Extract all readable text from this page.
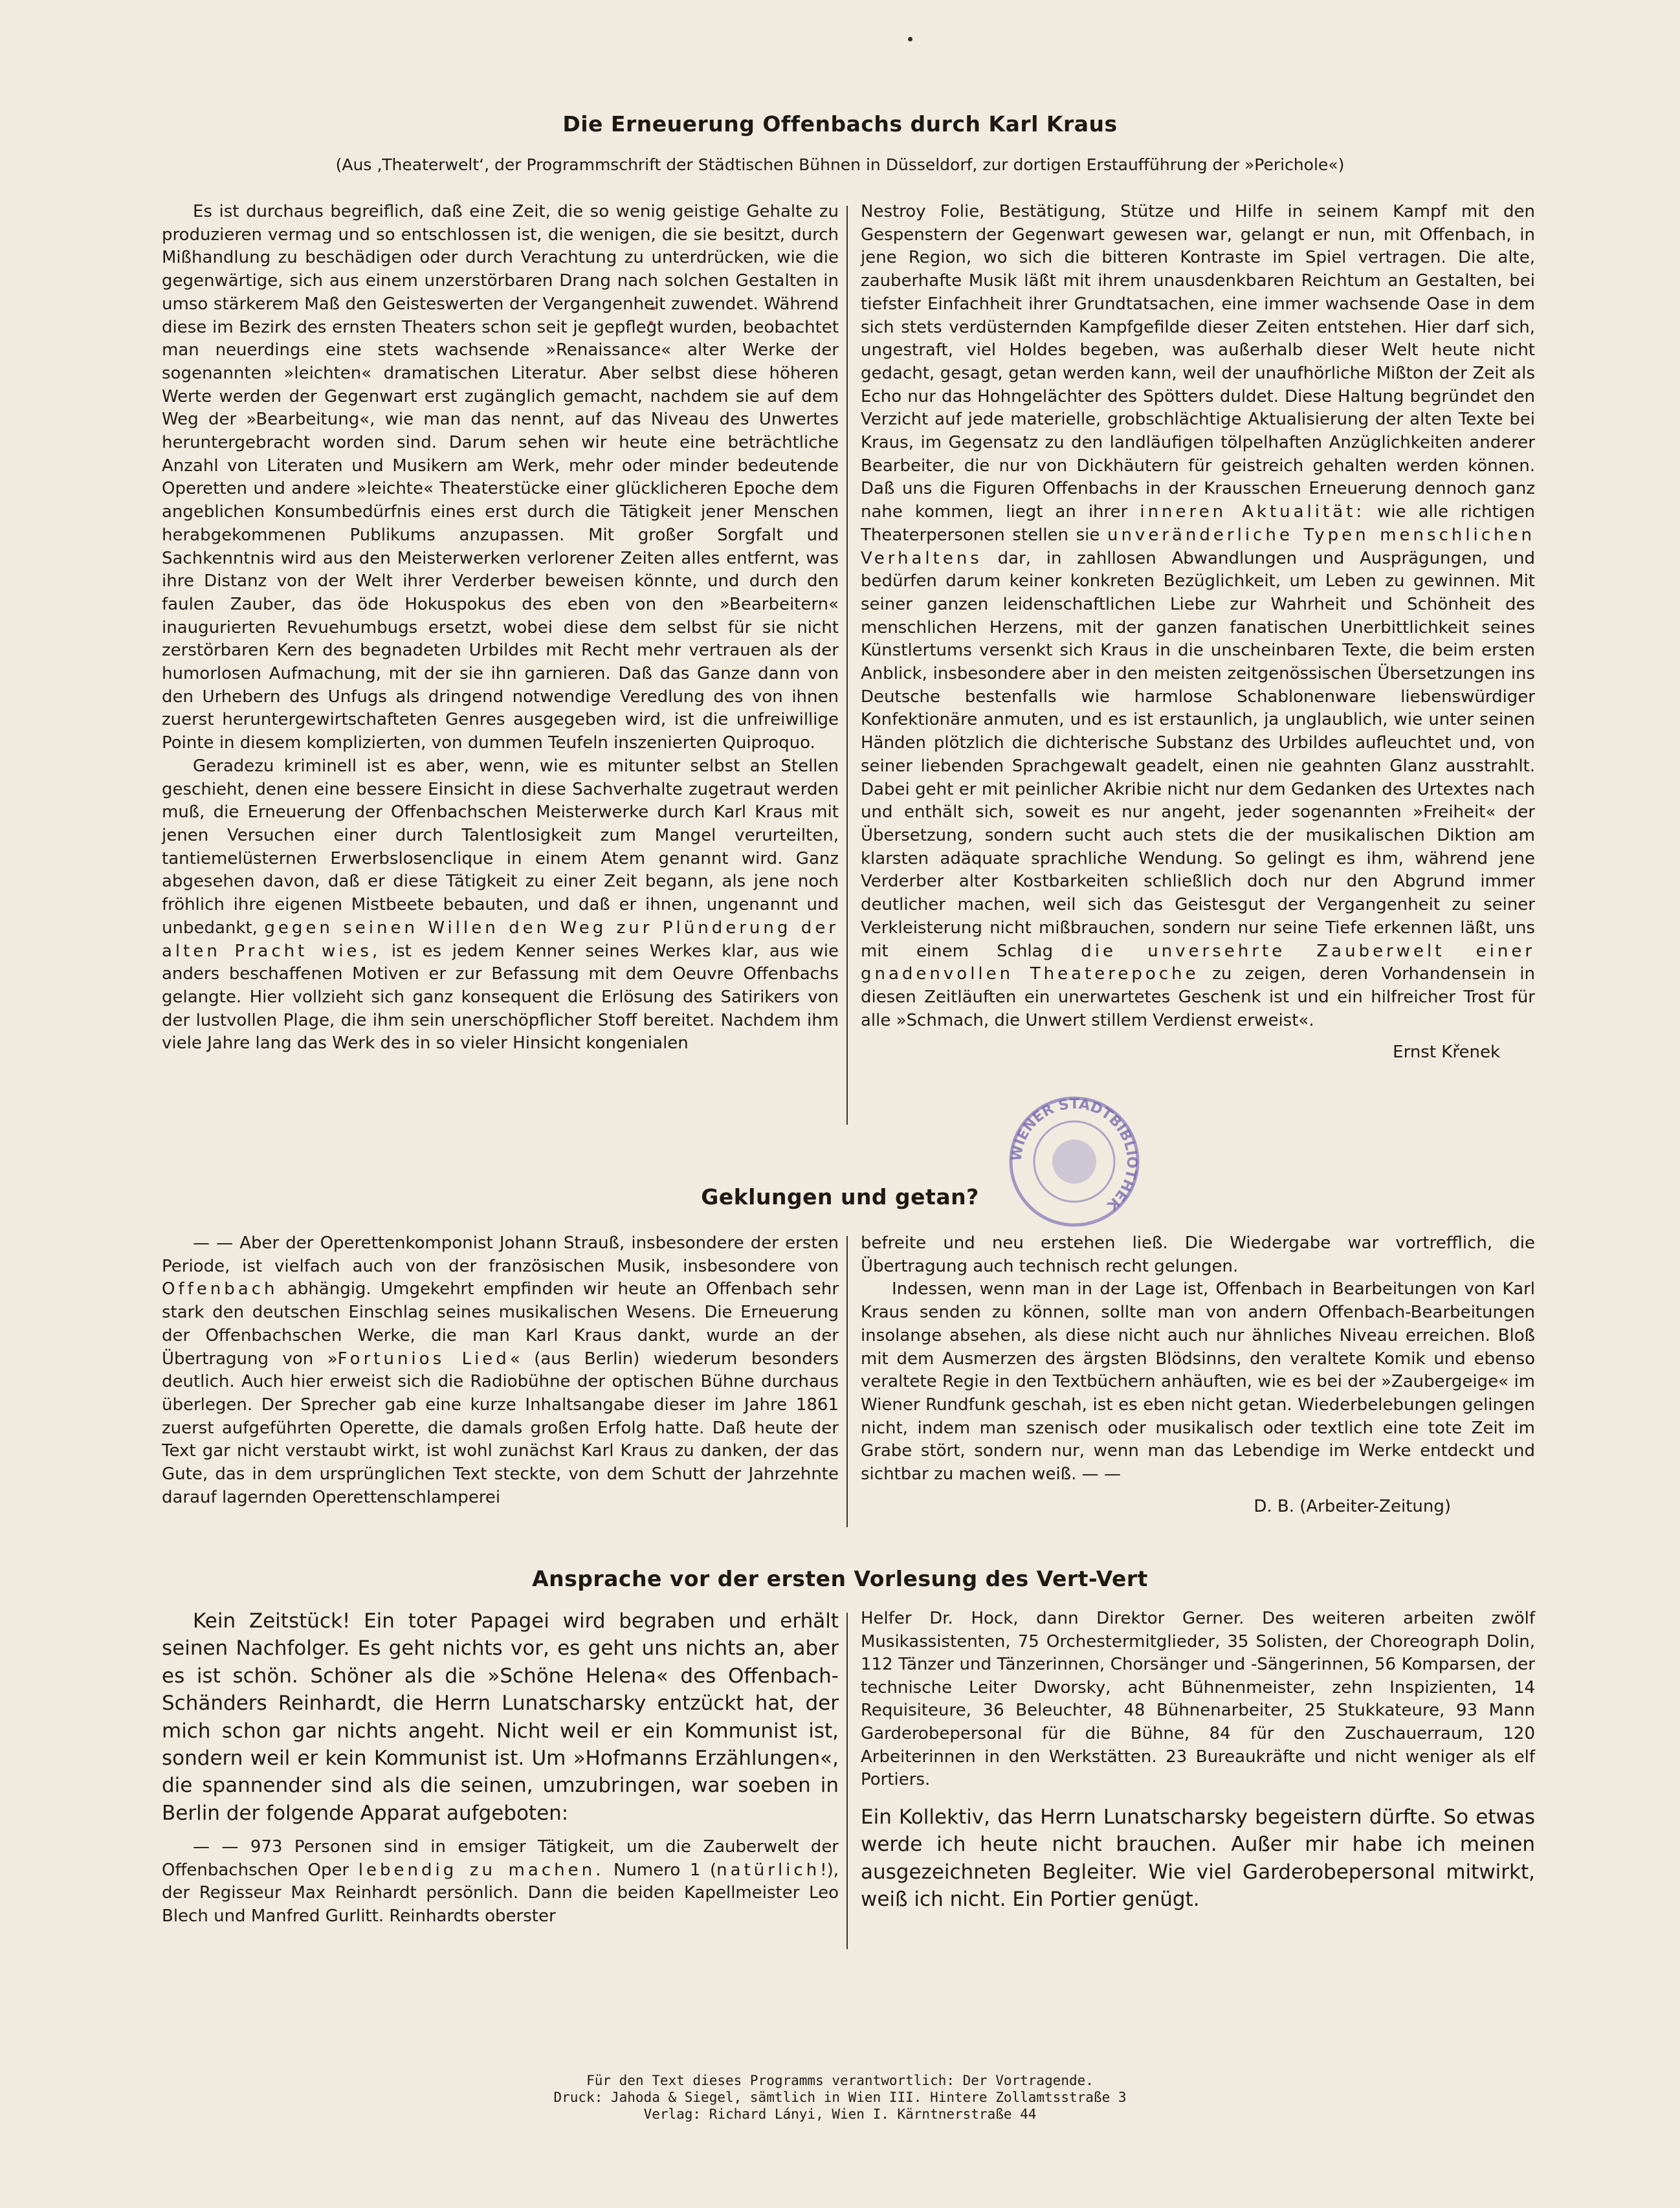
Die Erneuerung Offenbachs durch Karl Kraus
(Aus ‚Theaterwelt‘, der Programmschrift der Städtischen Bühnen in Düsseldorf, zur dortigen Erstaufführung der »Perichole«)

Es ist durchaus begreiflich, daß eine Zeit, die so wenig geistige Gehalte zu produzieren vermag und so entschlossen ist, die wenigen, die sie besitzt, durch Mißhandlung zu beschädigen oder durch Verachtung zu unterdrücken, wie die gegenwärtige, sich aus einem unzerstörbaren Drang nach solchen Gestalten in umso stärkerem Maß den Geisteswerten der Vergangenheit zuwendet. Während diese im Bezirk des ernsten Theaters schon seit je gepflegt wurden, beobachtet man neuerdings eine stets wachsende »Renaissance« alter Werke der sogenannten »leichten« dramatischen Literatur. Aber selbst diese höheren Werte werden der Gegenwart erst zugänglich gemacht, nachdem sie auf dem Weg der »Bearbeitung«, wie man das nennt, auf das Niveau des Unwertes heruntergebracht worden sind. Darum sehen wir heute eine beträchtliche Anzahl von Literaten und Musikern am Werk, mehr oder minder bedeutende Operetten und andere »leichte« Theaterstücke einer glücklicheren Epoche dem angeblichen Konsumbedürfnis eines erst durch die Tätigkeit jener Menschen herabgekommenen Publikums anzupassen. Mit großer Sorgfalt und Sachkenntnis wird aus den Meisterwerken verlorener Zeiten alles entfernt, was ihre Distanz von der Welt ihrer Verderber beweisen könnte, und durch den faulen Zauber, das öde Hokuspokus des eben von den »Bearbeitern« inaugurierten Revuehumbugs ersetzt, wobei diese dem selbst für sie nicht zerstörbaren Kern des begnadeten Urbildes mit Recht mehr vertrauen als der humorlosen Aufmachung, mit der sie ihn garnieren. Daß das Ganze dann von den Urhebern des Unfugs als dringend notwendige Veredlung des von ihnen zuerst heruntergewirtschafteten Genres ausgegeben wird, ist die unfreiwillige Pointe in diesem komplizierten, von dummen Teufeln inszenierten Quiproquo.

Geradezu kriminell ist es aber, wenn, wie es mitunter selbst an Stellen geschieht, denen eine bessere Einsicht in diese Sachverhalte zugetraut werden muß, die Erneuerung der Offenbachschen Meisterwerke durch Karl Kraus mit jenen Versuchen einer durch Talentlosigkeit zum Mangel verurteilten, tantiemelüsternen Erwerbslosenclique in einem Atem genannt wird. Ganz abgesehen davon, daß er diese Tätigkeit zu einer Zeit begann, als jene noch fröhlich ihre eigenen Mistbeete bebauten, und daß er ihnen, ungenannt und unbedankt, gegen seinen Willen den Weg zur Plünderung der alten Pracht wies, ist es jedem Kenner seines Werkes klar, aus wie anders beschaffenen Motiven er zur Befassung mit dem Oeuvre Offenbachs gelangte. Hier vollzieht sich ganz konsequent die Erlösung des Satirikers von der lustvollen Plage, die ihm sein unerschöpflicher Stoff bereitet. Nachdem ihm viele Jahre lang das Werk des in so vieler Hinsicht kongenialen

Nestroy Folie, Bestätigung, Stütze und Hilfe in seinem Kampf mit den Gespenstern der Gegenwart gewesen war, gelangt er nun, mit Offenbach, in jene Region, wo sich die bitteren Kontraste im Spiel vertragen. Die alte, zauberhafte Musik läßt mit ihrem unausdenkbaren Reichtum an Gestalten, bei tiefster Einfachheit ihrer Grundtatsachen, eine immer wachsende Oase in dem sich stets verdüsternden Kampfgefilde dieser Zeiten entstehen. Hier darf sich, ungestraft, viel Holdes begeben, was außerhalb dieser Welt heute nicht gedacht, gesagt, getan werden kann, weil der unaufhörliche Mißton der Zeit als Echo nur das Hohngelächter des Spötters duldet. Diese Haltung begründet den Verzicht auf jede materielle, grobschlächtige Aktualisierung der alten Texte bei Kraus, im Gegensatz zu den landläufigen tölpelhaften Anzüglichkeiten anderer Bearbeiter, die nur von Dickhäutern für geistreich gehalten werden können. Daß uns die Figuren Offenbachs in der Krausschen Erneuerung dennoch ganz nahe kommen, liegt an ihrer inneren Aktualität: wie alle richtigen Theaterpersonen stellen sie unveränderliche Typen menschlichen Verhaltens dar, in zahllosen Abwandlungen und Ausprägungen, und bedürfen darum keiner konkreten Bezüglichkeit, um Leben zu gewinnen. Mit seiner ganzen leidenschaftlichen Liebe zur Wahrheit und Schönheit des menschlichen Herzens, mit der ganzen fanatischen Unerbittlichkeit seines Künstlertums versenkt sich Kraus in die unscheinbaren Texte, die beim ersten Anblick, insbesondere aber in den meisten zeitgenössischen Übersetzungen ins Deutsche bestenfalls wie harmlose Schablonenware liebenswürdiger Konfektionäre anmuten, und es ist erstaunlich, ja unglaublich, wie unter seinen Händen plötzlich die dichterische Substanz des Urbildes aufleuchtet und, von seiner liebenden Sprachgewalt geadelt, einen nie geahnten Glanz ausstrahlt. Dabei geht er mit peinlicher Akribie nicht nur dem Gedanken des Urtextes nach und enthält sich, soweit es nur angeht, jeder sogenannten »Freiheit« der Übersetzung, sondern sucht auch stets die der musikalischen Diktion am klarsten adäquate sprachliche Wendung. So gelingt es ihm, während jene Verderber alter Kostbarkeiten schließlich doch nur den Abgrund immer deutlicher machen, weil sich das Geistesgut der Vergangenheit zu seiner Verkleisterung nicht mißbrauchen, sondern nur seine Tiefe erkennen läßt, uns mit einem Schlag die unversehrte Zauberwelt einer gnadenvollen Theaterepoche zu zeigen, deren Vorhandensein in diesen Zeitläuften ein unerwartetes Geschenk ist und ein hilfreicher Trost für alle »Schmach, die Unwert stillem Verdienst erweist«.

Ernst Křenek

WIENER STADTBIBLIOTHEK
Geklungen und getan?

— — Aber der Operettenkomponist Johann Strauß, insbesondere der ersten Periode, ist vielfach auch von der französischen Musik, insbesondere von Offenbach abhängig. Umgekehrt empfinden wir heute an Offenbach sehr stark den deutschen Einschlag seines musikalischen Wesens. Die Erneuerung der Offenbachschen Werke, die man Karl Kraus dankt, wurde an der Übertragung von »Fortunios Lied« (aus Berlin) wiederum besonders deutlich. Auch hier erweist sich die Radiobühne der optischen Bühne durchaus überlegen. Der Sprecher gab eine kurze Inhaltsangabe dieser im Jahre 1861 zuerst aufgeführten Operette, die damals großen Erfolg hatte. Daß heute der Text gar nicht verstaubt wirkt, ist wohl zunächst Karl Kraus zu danken, der das Gute, das in dem ursprünglichen Text steckte, von dem Schutt der Jahrzehnte darauf lagernden Operettenschlamperei

befreite und neu erstehen ließ. Die Wiedergabe war vortrefflich, die Übertragung auch technisch recht gelungen.

Indessen, wenn man in der Lage ist, Offenbach in Bearbeitungen von Karl Kraus senden zu können, sollte man von andern Offenbach-Bearbeitungen insolange absehen, als diese nicht auch nur ähnliches Niveau erreichen. Bloß mit dem Ausmerzen des ärgsten Blödsinns, den veraltete Komik und ebenso veraltete Regie in den Textbüchern anhäuften, wie es bei der »Zaubergeige« im Wiener Rundfunk geschah, ist es eben nicht getan. Wiederbelebungen gelingen nicht, indem man szenisch oder musikalisch oder textlich eine tote Zeit im Grabe stört, sondern nur, wenn man das Lebendige im Werke entdeckt und sichtbar zu machen weiß. — —

D. B. (Arbeiter-Zeitung)

Ansprache vor der ersten Vorlesung des Vert-Vert

Kein Zeitstück! Ein toter Papagei wird begraben und erhält seinen Nachfolger. Es geht nichts vor, es geht uns nichts an, aber es ist schön. Schöner als die »Schöne Helena« des Offenbach-Schänders Reinhardt, die Herrn Lunatscharsky entzückt hat, der mich schon gar nichts angeht. Nicht weil er ein Kommunist ist, sondern weil er kein Kommunist ist. Um »Hofmanns Erzählungen«, die spannender sind als die seinen, umzubringen, war soeben in Berlin der folgende Apparat aufgeboten:

— — 973 Personen sind in emsiger Tätigkeit, um die Zauberwelt der Offenbachschen Oper lebendig zu machen. Numero 1 (natürlich!), der Regisseur Max Reinhardt persönlich. Dann die beiden Kapellmeister Leo Blech und Manfred Gurlitt. Reinhardts oberster

Helfer Dr. Hock, dann Direktor Gerner. Des weiteren arbeiten zwölf Musikassistenten, 75 Orchestermitglieder, 35 Solisten, der Choreograph Dolin, 112 Tänzer und Tänzerinnen, Chorsänger und -Sängerinnen, 56 Komparsen, der technische Leiter Dworsky, acht Bühnenmeister, zehn Inspizienten, 14 Requisiteure, 36 Beleuchter, 48 Bühnenarbeiter, 25 Stukkateure, 93 Mann Garderobepersonal für die Bühne, 84 für den Zuschauerraum, 120 Arbeiterinnen in den Werkstätten. 23 Bureaukräfte und nicht weniger als elf Portiers.

Ein Kollektiv, das Herrn Lunatscharsky begeistern dürfte. So etwas werde ich heute nicht brauchen. Außer mir habe ich meinen ausgezeichneten Begleiter. Wie viel Garderobepersonal mitwirkt, weiß ich nicht. Ein Portier genügt.

Für den Text dieses Programms verantwortlich: Der Vortragende.
Druck: Jahoda & Siegel, sämtlich in Wien III. Hintere Zollamtsstraße 3
Verlag: Richard Lányi, Wien I. Kärntnerstraße 44
